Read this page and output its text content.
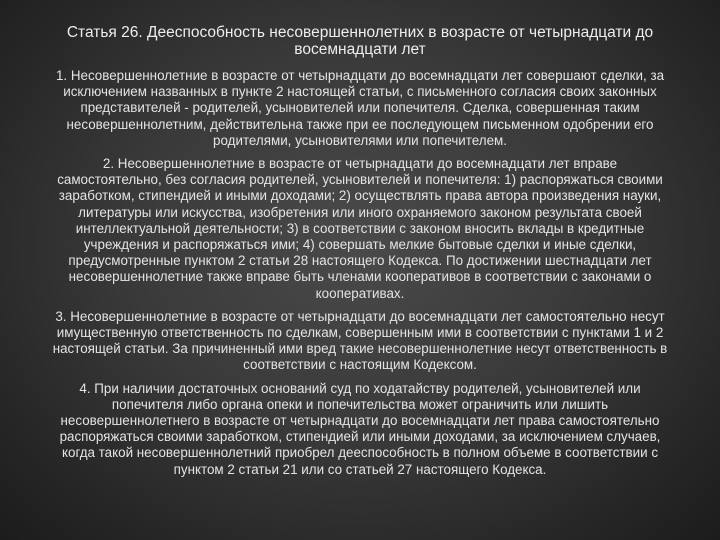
Статья 26. Дееспособность несовершеннолетних в возрасте от четырнадцати до восемнадцати лет

1. Несовершеннолетние в возрасте от четырнадцати до восемнадцати лет совершают сделки, за исключением названных в пункте 2 настоящей статьи, с письменного согласия своих законных представителей - родителей, усыновителей или попечителя. Сделка, совершенная таким несовершеннолетним, действительна также при ее последующем письменном одобрении его родителями, усыновителями или попечителем.

2. Несовершеннолетние в возрасте от четырнадцати до восемнадцати лет вправе самостоятельно, без согласия родителей, усыновителей и попечителя: 1) распоряжаться своими заработком, стипендией и иными доходами; 2) осуществлять права автора произведения науки, литературы или искусства, изобретения или иного охраняемого законом результата своей интеллектуальной деятельности; 3) в соответствии с законом вносить вклады в кредитные учреждения и распоряжаться ими; 4) совершать мелкие бытовые сделки и иные сделки, предусмотренные пунктом 2 статьи 28 настоящего Кодекса. По достижении шестнадцати лет несовершеннолетние также вправе быть членами кооперативов в соответствии с законами о кооперативах.

3. Несовершеннолетние в возрасте от четырнадцати до восемнадцати лет самостоятельно несут имущественную ответственность по сделкам, совершенным ими в соответствии с пунктами 1 и 2 настоящей статьи. За причиненный ими вред такие несовершеннолетние несут ответственность в соответствии с настоящим Кодексом.

4. При наличии достаточных оснований суд по ходатайству родителей, усыновителей или попечителя либо органа опеки и попечительства может ограничить или лишить несовершеннолетнего в возрасте от четырнадцати до восемнадцати лет права самостоятельно распоряжаться своими заработком, стипендией или иными доходами, за исключением случаев, когда такой несовершеннолетний приобрел дееспособность в полном объеме в соответствии с пунктом 2 статьи 21 или со статьей 27 настоящего Кодекса.
